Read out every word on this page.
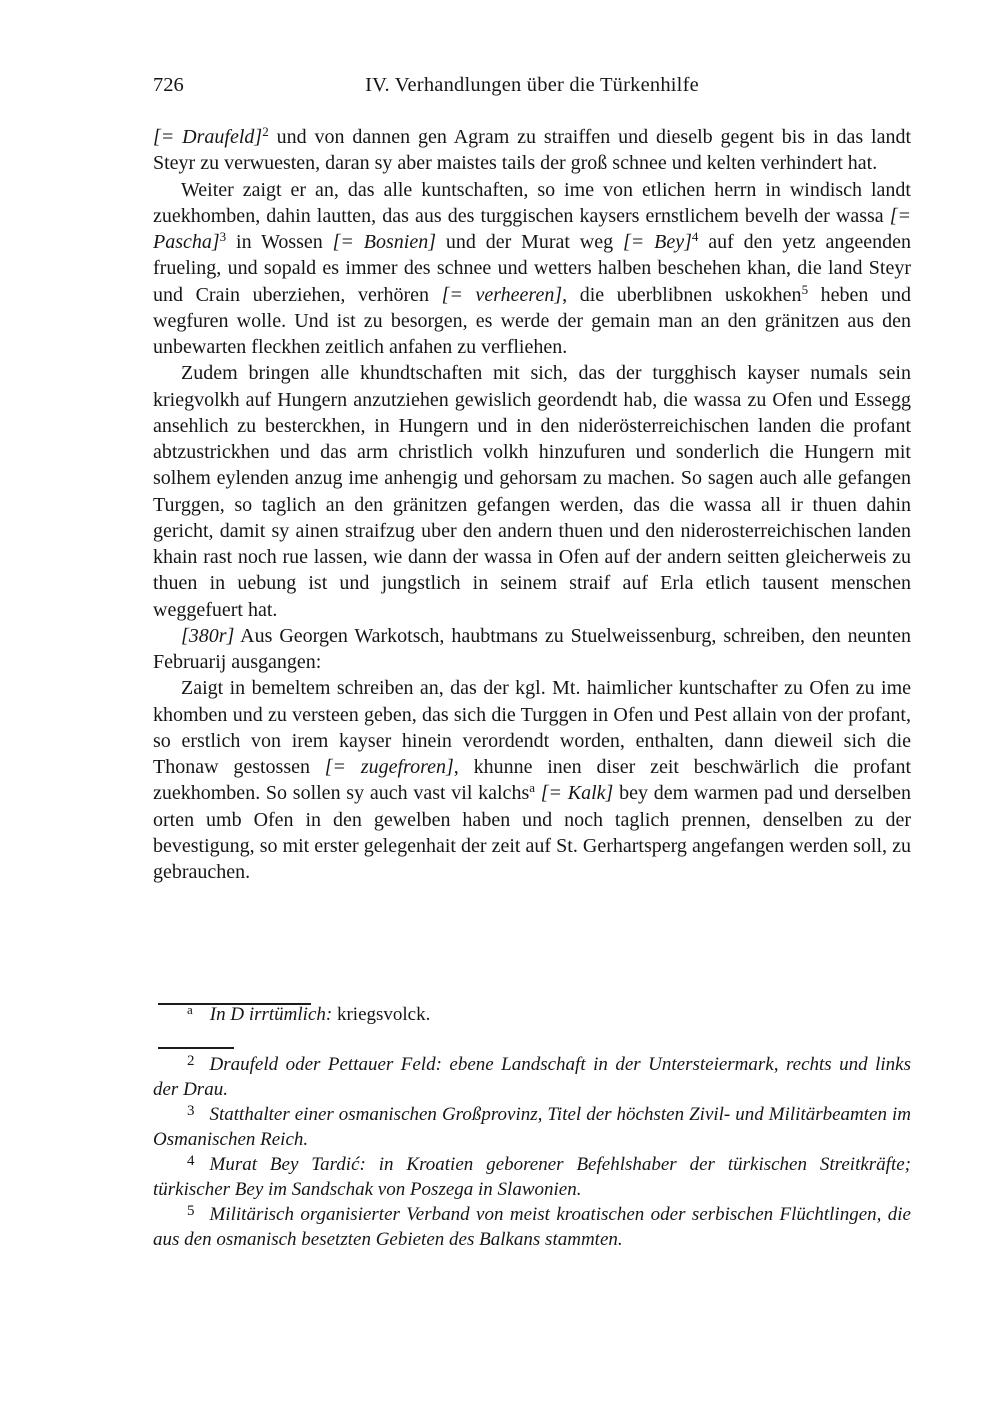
726	IV. Verhandlungen über die Türkenhilfe

[= Draufeld]$^2$ und von dannen gen Agram zu straiffen und dieselb gegent bis in das landt Steyr zu verwuesten, daran sy aber maistes tails der groß schnee und kelten verhindert hat.

Weiter zaigt er an, das alle kuntschaften, so ime von etlichen herrn in windisch landt zuekhomben, dahin lautten, das aus des turggischen kaysers ernstlichem bevelh der wassa [= Pascha]$^3$ in Wossen [= Bosnien] und der Murat weg [= Bey]$^4$ auf den yetz angeenden frueling, und sopald es immer des schnee und wetters halben beschehen khan, die land Steyr und Crain uberziehen, verhören [= verheeren], die uberblibnen uskokhen$^5$ heben und wegfuren wolle. Und ist zu besorgen, es werde der gemain man an den gränitzen aus den unbewarten fleckhen zeitlich anfahen zu verfliehen.

Zudem bringen alle khundtschaften mit sich, das der turgghisch kayser numals sein kriegvolkh auf Hungern anzutziehen gewislich geordendt hab, die wassa zu Ofen und Essegg ansehlich zu besterckhen, in Hungern und in den niderösterreichischen landen die profant abtzustrickhen und das arm christlich volkh hinzufuren und sonderlich die Hungern mit solhem eylenden anzug ime anhengig und gehorsam zu machen. So sagen auch alle gefangen Turggen, so taglich an den gränitzen gefangen werden, das die wassa all ir thuen dahin gericht, damit sy ainen straifzug uber den andern thuen und den niderosterreichischen landen khain rast noch rue lassen, wie dann der wassa in Ofen auf der andern seitten gleicherweis zu thuen in uebung ist und jungstlich in seinem straif auf Erla etlich tausent menschen weggefuert hat.

[380r] Aus Georgen Warkotsch, haubtmans zu Stuelweissenburg, schreiben, den neunten Februarij ausgangen:

Zaigt in bemeltem schreiben an, das der kgl. Mt. haimlicher kuntschafter zu Ofen zu ime khomben und zu versteen geben, das sich die Turggen in Ofen und Pest allain von der profant, so erstlich von irem kayser hinein verordendt worden, enthalten, dann dieweil sich die Thonaw gestossen [= zugefroren], khunne inen diser zeit beschwärlich die profant zuekhomben. So sollen sy auch vast vil kalchs$^a$ [= Kalk] bey dem warmen pad und derselben orten umb Ofen in den gewelben haben und noch taglich prennen, denselben zu der bevestigung, so mit erster gelegenhait der zeit auf St. Gerhartsperg angefangen werden soll, zu gebrauchen.

$^a$ In D irrtümlich: kriegsvolck.

$^2$ Draufeld oder Pettauer Feld: ebene Landschaft in der Untersteiermark, rechts und links der Drau.

$^3$ Statthalter einer osmanischen Großprovinz, Titel der höchsten Zivil- und Militärbeamten im Osmanischen Reich.

$^4$ Murat Bey Tardić: in Kroatien geborener Befehlshaber der türkischen Streitkräfte; türkischer Bey im Sandschak von Poszega in Slawonien.

$^5$ Militärisch organisierter Verband von meist kroatischen oder serbischen Flüchtlingen, die aus den osmanisch besetzten Gebieten des Balkans stammten.
